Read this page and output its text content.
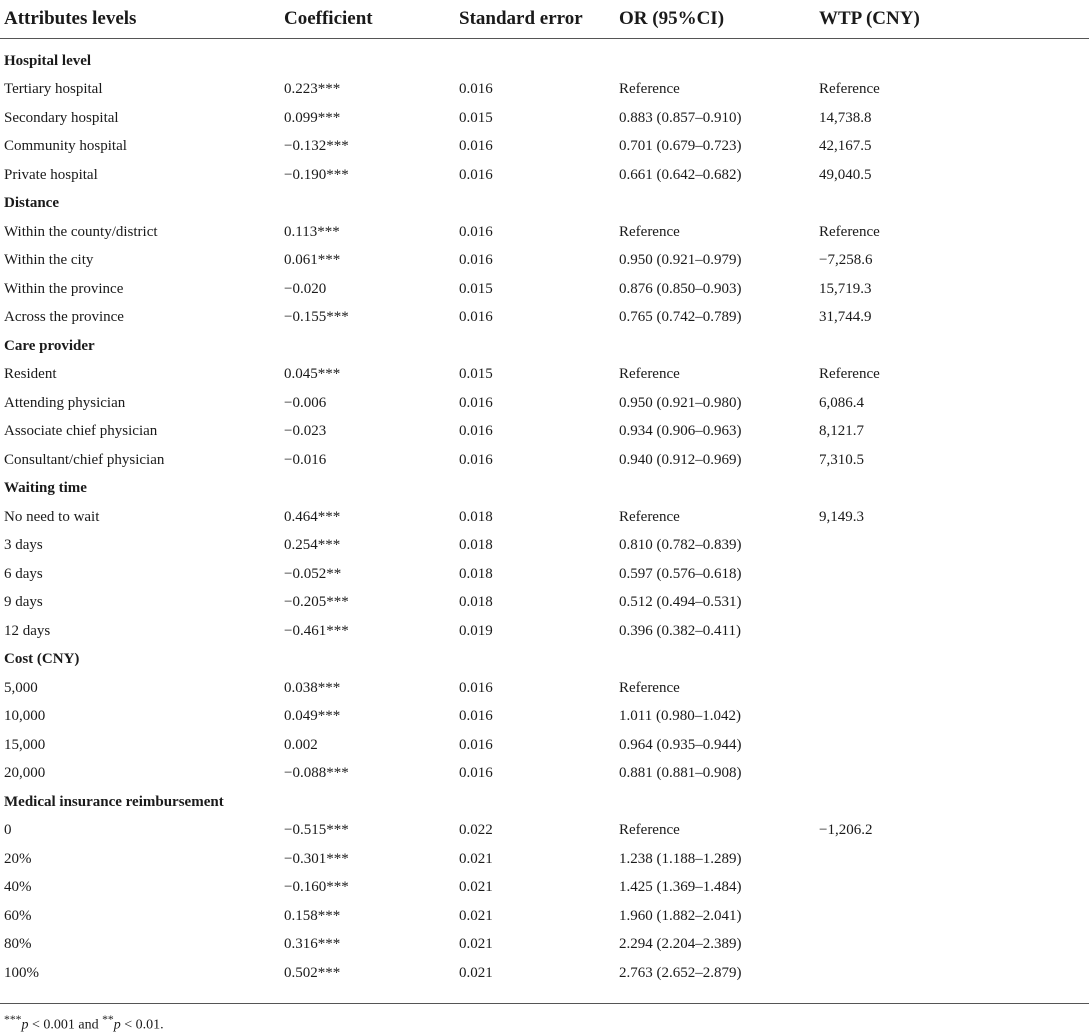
Attributes levels	Coefficient	Standard error	OR (95%CI)	WTP (CNY)
Hospital level				
Tertiary hospital	0.223***	0.016	Reference	Reference
Secondary hospital	0.099***	0.015	0.883 (0.857–0.910)	14,738.8
Community hospital	−0.132***	0.016	0.701 (0.679–0.723)	42,167.5
Private hospital	−0.190***	0.016	0.661 (0.642–0.682)	49,040.5
Distance				
Within the county/district	0.113***	0.016	Reference	Reference
Within the city	0.061***	0.016	0.950 (0.921–0.979)	−7,258.6
Within the province	−0.020	0.015	0.876 (0.850–0.903)	15,719.3
Across the province	−0.155***	0.016	0.765 (0.742–0.789)	31,744.9
Care provider				
Resident	0.045***	0.015	Reference	Reference
Attending physician	−0.006	0.016	0.950 (0.921–0.980)	6,086.4
Associate chief physician	−0.023	0.016	0.934 (0.906–0.963)	8,121.7
Consultant/chief physician	−0.016	0.016	0.940 (0.912–0.969)	7,310.5
Waiting time				
No need to wait	0.464***	0.018	Reference	9,149.3
3 days	0.254***	0.018	0.810 (0.782–0.839)	
6 days	−0.052**	0.018	0.597 (0.576–0.618)	
9 days	−0.205***	0.018	0.512 (0.494–0.531)	
12 days	−0.461***	0.019	0.396 (0.382–0.411)	
Cost (CNY)				
5,000	0.038***	0.016	Reference	
10,000	0.049***	0.016	1.011 (0.980–1.042)	
15,000	0.002	0.016	0.964 (0.935–0.944)	
20,000	−0.088***	0.016	0.881 (0.881–0.908)	
Medical insurance reimbursement				
0	−0.515***	0.022	Reference	−1,206.2
20%	−0.301***	0.021	1.238 (1.188–1.289)	
40%	−0.160***	0.021	1.425 (1.369–1.484)	
60%	0.158***	0.021	1.960 (1.882–2.041)	
80%	0.316***	0.021	2.294 (2.204–2.389)	
100%	0.502***	0.021	2.763 (2.652–2.879)	
***p < 0.001 and **p < 0.01.
